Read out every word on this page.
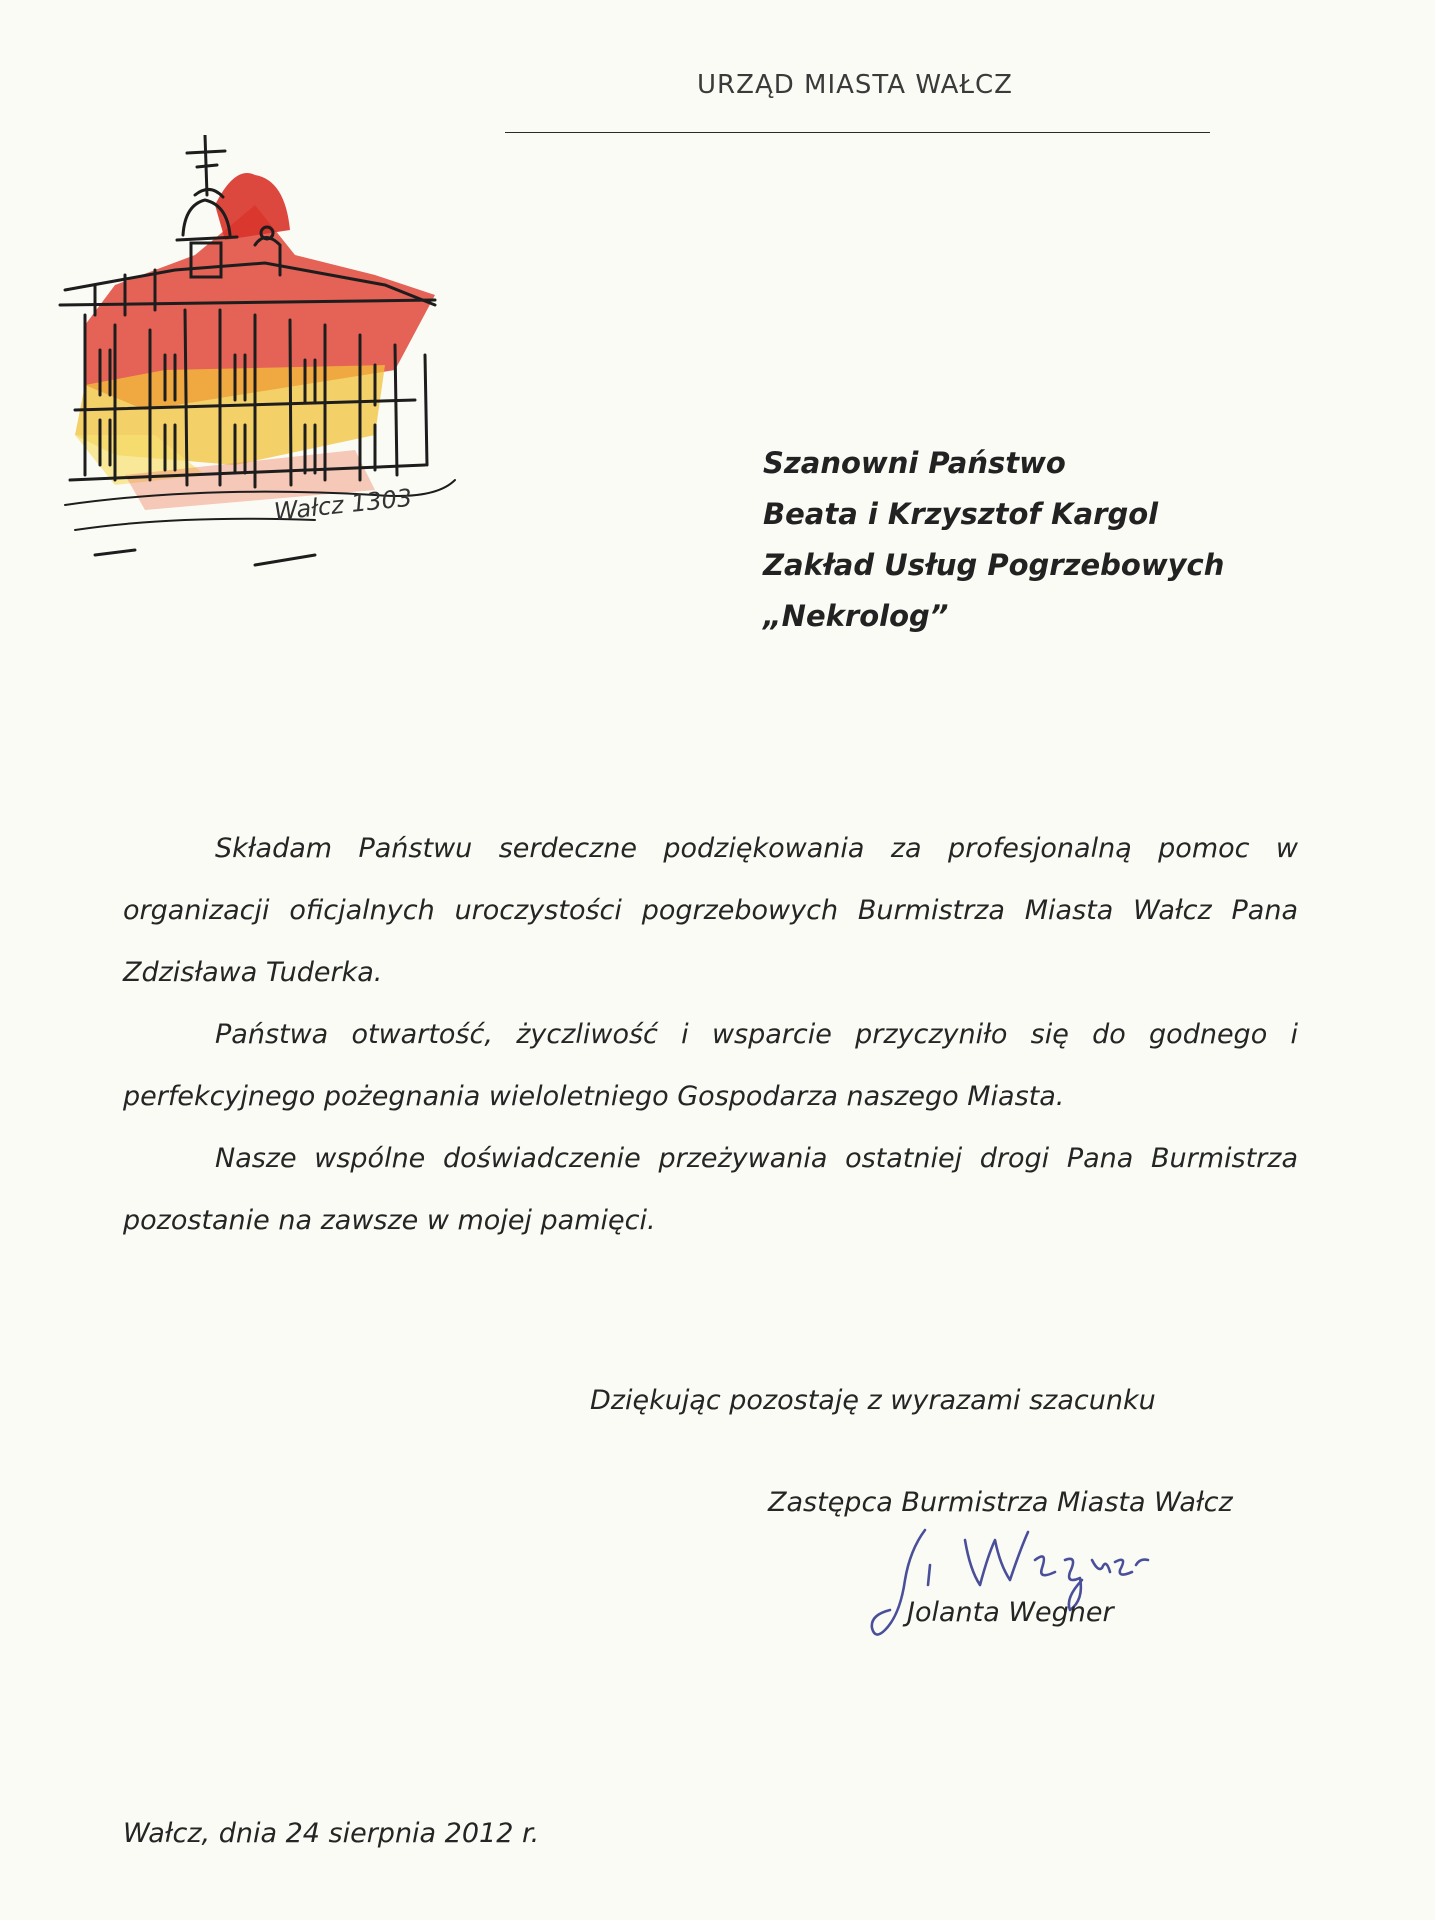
URZĄD MIASTA WAŁCZ
Wałcz 1303
Szanowni Państwo
Beata i Krzysztof Kargol
Zakład Usług Pogrzebowych
„Nekrolog”

Składam Państwu serdeczne podziękowania za profesjonalną pomoc w organizacji oficjalnych uroczystości pogrzebowych Burmistrza Miasta Wałcz Pana Zdzisława Tuderka.

Państwa otwartość, życzliwość i wsparcie przyczyniło się do godnego i perfekcyjnego pożegnania wieloletniego Gospodarza naszego Miasta.

Nasze wspólne doświadczenie przeżywania ostatniej drogi Pana Burmistrza pozostanie na zawsze w mojej pamięci.

Dziękując pozostaję z wyrazami szacunku
Zastępca Burmistrza Miasta Wałcz
Jolanta Wegner
Wałcz, dnia 24 sierpnia 2012 r.
